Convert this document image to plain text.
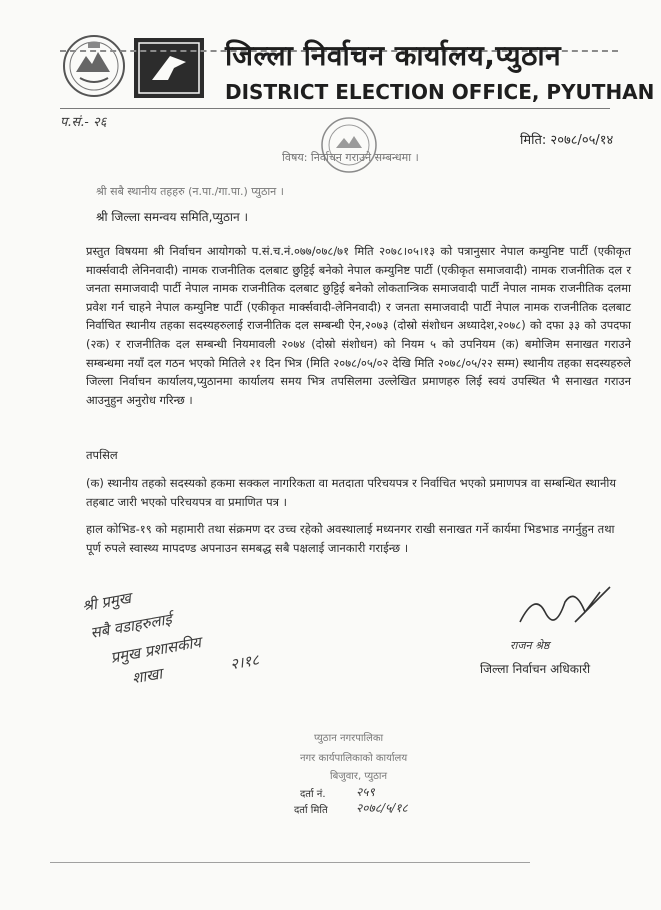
जिल्ला निर्वाचन कार्यालय,प्युठान
DISTRICT ELECTION OFFICE, PYUTHAN
प.सं.- २६
मिति: २०७८/०५/१४
विषय: निर्वाचन गराउने सम्बन्धमा ।
श्री सबै स्थानीय तहहरु (न.पा./गा.पा.) प्युठान ।
श्री जिल्ला समन्वय समिति,प्युठान ।
प्रस्तुत विषयमा श्री निर्वाचन आयोगको प.सं.च.नं.०७७/०७८/७१ मिति २०७८।०५।१३ को पत्रानुसार नेपाल कम्युनिष्ट पार्टी (एकीकृत मार्क्सवादी लेनिनवादी) नामक राजनीतिक दलबाट छुट्टिई बनेको नेपाल कम्युनिष्ट पार्टी (एकीकृत समाजवादी) नामक राजनीतिक दल र जनता समाजवादी पार्टी नेपाल नामक राजनीतिक दलबाट छुट्टिई बनेको लोकतान्त्रिक समाजवादी पार्टी नेपाल नामक राजनीतिक दलमा प्रवेश गर्न चाहने नेपाल कम्युनिष्ट पार्टी (एकीकृत मार्क्सवादी-लेनिनवादी) र जनता समाजवादी पार्टी नेपाल नामक राजनीतिक दलबाट निर्वाचित स्थानीय तहका सदस्यहरुलाई राजनीतिक दल सम्बन्धी ऐन,२०७३ (दोस्रो संशोधन अध्यादेश,२०७८) को दफा ३३ को उपदफा (२क) र राजनीतिक दल सम्बन्धी नियमावली २०७४ (दोस्रो संशोधन) को नियम ५ को उपनियम (क) बमोजिम सनाखत गराउने सम्बन्धमा नयाँ दल गठन भएको मितिले २१ दिन भित्र (मिति २०७८/०५/०२ देखि मिति २०७८/०५/२२ सम्म) स्थानीय तहका सदस्यहरुले जिल्ला निर्वाचन कार्यालय,प्युठानमा कार्यालय समय भित्र तपसिलमा उल्लेखित प्रमाणहरु लिई स्वयं उपस्थित भै सनाखत गराउन आउनुहुन अनुरोध गरिन्छ ।
तपसिल
(क) स्थानीय तहको सदस्यको हकमा सक्कल नागरिकता वा मतदाता परिचयपत्र र निर्वाचित भएको प्रमाणपत्र वा सम्बन्धित स्थानीय तहबाट जारी भएको परिचयपत्र वा प्रमाणित पत्र ।
हाल कोभिड-१९ को महामारी तथा संक्रमण दर उच्च रहेकोे अवस्थालाई मध्यनगर राखी सनाखत गर्ने कार्यमा भिडभाड नगर्नुहुन तथा पूर्ण रुपले स्वास्थ्य मापदण्ड अपनाउन समबद्ध सबै पक्षलाई जानकारी गराईन्छ ।
श्री प्रमुख
सबै वडाहरुलाई
प्रमुख प्रशासकीय
शाखा
२।१८
राजन श्रेष्ठ
जिल्ला निर्वाचन अधिकारी
प्युठान नगरपालिका
नगर कार्यपालिकाको कार्यालय
बिजुवार, प्युठान
दर्ता नं.	२५९
दर्ता मिति २०७८/५/१८
